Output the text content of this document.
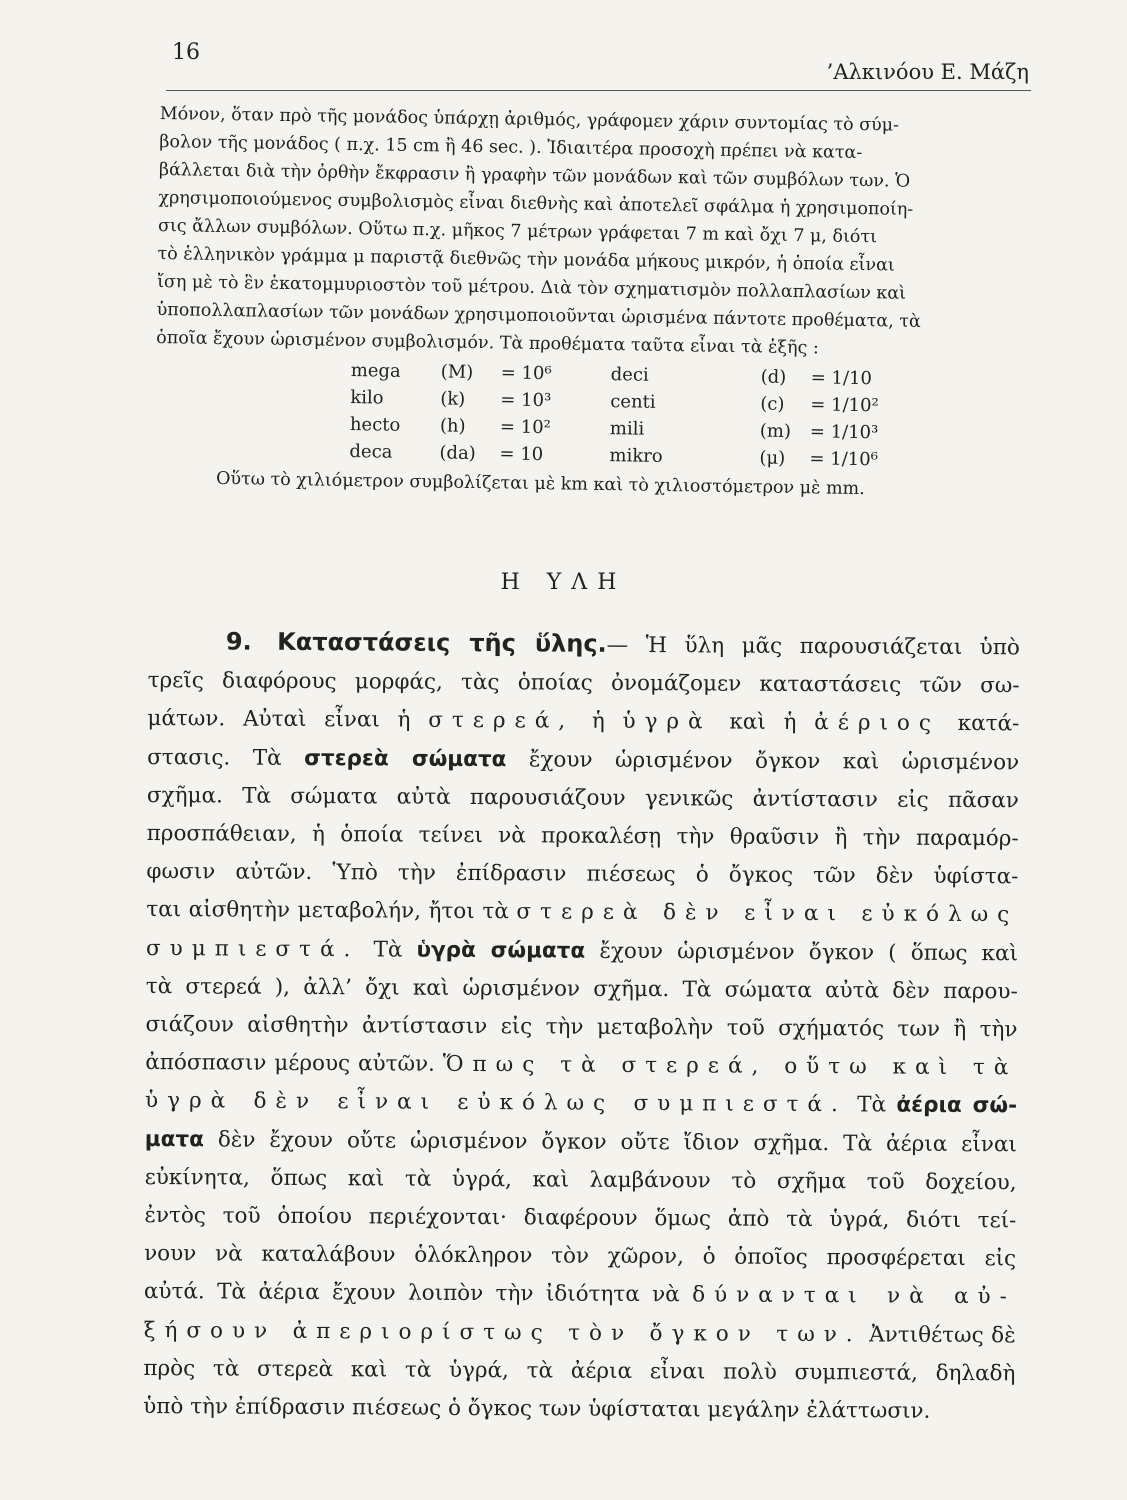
16
’Αλκινόου Ε. Μάζη
Μόνον, ὅταν πρὸ τῆς μονάδος ὑπάρχῃ ἀριθμός, γράφομεν χάριν συντομίας τὸ σύμ-
βολον τῆς μονάδος ( π.χ. 15 cm ἢ 46 sec. ). Ἰδιαιτέρα προσοχὴ πρέπει νὰ κατα-
βάλλεται διὰ τὴν ὀρθὴν ἔκφρασιν ἢ γραφὴν τῶν μονάδων καὶ τῶν συμβόλων των. Ὁ
χρησιμοποιούμενος συμβολισμὸς εἶναι διεθνὴς καὶ ἀποτελεῖ σφάλμα ἡ χρησιμοποίη-
σις ἄλλων συμβόλων. Οὕτω π.χ. μῆκος 7 μέτρων γράφεται 7 m καὶ ὄχι 7 μ, διότι
τὸ ἑλληνικὸν γράμμα μ παριστᾷ διεθνῶς τὴν μονάδα μήκους μικρόν, ἡ ὁποία εἶναι
ἴση μὲ τὸ ἓν ἑκατομμυριοστὸν τοῦ μέτρου. Διὰ τὸν σχηματισμὸν πολλαπλασίων καὶ
ὑποπολλαπλασίων τῶν μονάδων χρησιμοποιοῦνται ὡρισμένα πάντοτε προθέματα, τὰ
ὁποῖα ἔχουν ὡρισμένον συμβολισμόν. Τὰ προθέματα ταῦτα εἶναι τὰ ἑξῆς :
mega	(M)	= 10⁶	deci	(d)	= 1/10
kilo	(k)	= 10³	centi	(c)	= 1/10²
hecto	(h)	= 10²	mili	(m)	= 1/10³
deca	(da)	= 10	mikro	(μ)	= 1/10⁶
Οὕτω τὸ χιλιόμετρον συμβολίζεται μὲ km καὶ τὸ χιλιοστόμετρον μὲ mm.
Η ΥΛΗ
9. Καταστάσεις τῆς ὕλης.— Ἡ ὕλη μᾶς παρουσιάζεται ὑπὸ
τρεῖς διαφόρους μορφάς, τὰς ὁποίας ὀνομάζομεν καταστάσεις τῶν σω-
μάτων. Αὐταὶ εἶναι ἡ στερεά, ἡ ὑγρὰ καὶ ἡ ἀέριος κατά-
στασις. Τὰ στερεὰ σώματα ἔχουν ὡρισμένον ὄγκον καὶ ὡρισμένον
σχῆμα. Τὰ σώματα αὐτὰ παρουσιάζουν γενικῶς ἀντίστασιν εἰς πᾶσαν
προσπάθειαν, ἡ ὁποία τείνει νὰ προκαλέσῃ τὴν θραῦσιν ἢ τὴν παραμόρ-
φωσιν αὐτῶν. Ὑπὸ τὴν ἐπίδρασιν πιέσεως ὁ ὄγκος τῶν δὲν ὑφίστα-
ται αἰσθητὴν μεταβολήν, ἤτοι τὰ στερεὰ δὲν εἶναι εὐκόλως
συμπιεστά. Τὰ ὑγρὰ σώματα ἔχουν ὡρισμένον ὄγκον ( ὅπως καὶ
τὰ στερεά ), ἀλλ’ ὄχι καὶ ὡρισμένον σχῆμα. Τὰ σώματα αὐτὰ δὲν παρου-
σιάζουν αἰσθητὴν ἀντίστασιν εἰς τὴν μεταβολὴν τοῦ σχήματός των ἢ τὴν
ἀπόσπασιν μέρους αὐτῶν. Ὅπως τὰ στερεά, οὕτω καὶ τὰ
ὑγρὰ δὲν εἶναι εὐκόλως συμπιεστά. Τὰ ἀέρια σώ-
ματα δὲν ἔχουν οὔτε ὡρισμένον ὄγκον οὔτε ἴδιον σχῆμα. Τὰ ἀέρια εἶναι
εὐκίνητα, ὅπως καὶ τὰ ὑγρά, καὶ λαμβάνουν τὸ σχῆμα τοῦ δοχείου,
ἐντὸς τοῦ ὁποίου περιέχονται· διαφέρουν ὅμως ἀπὸ τὰ ὑγρά, διότι τεί-
νουν νὰ καταλάβουν ὁλόκληρον τὸν χῶρον, ὁ ὁποῖος προσφέρεται εἰς
αὐτά. Τὰ ἀέρια ἔχουν λοιπὸν τὴν ἰδιότητα νὰ δύνανται νὰ αὐ-
ξήσουν ἀπεριορίστως τὸν ὄγκον των. Ἀντιθέτως δὲ
πρὸς τὰ στερεὰ καὶ τὰ ὑγρά, τὰ ἀέρια εἶναι πολὺ συμπιεστά, δηλαδὴ
ὑπὸ τὴν ἐπίδρασιν πιέσεως ὁ ὄγκος των ὑφίσταται μεγάλην ἐλάττωσιν.
